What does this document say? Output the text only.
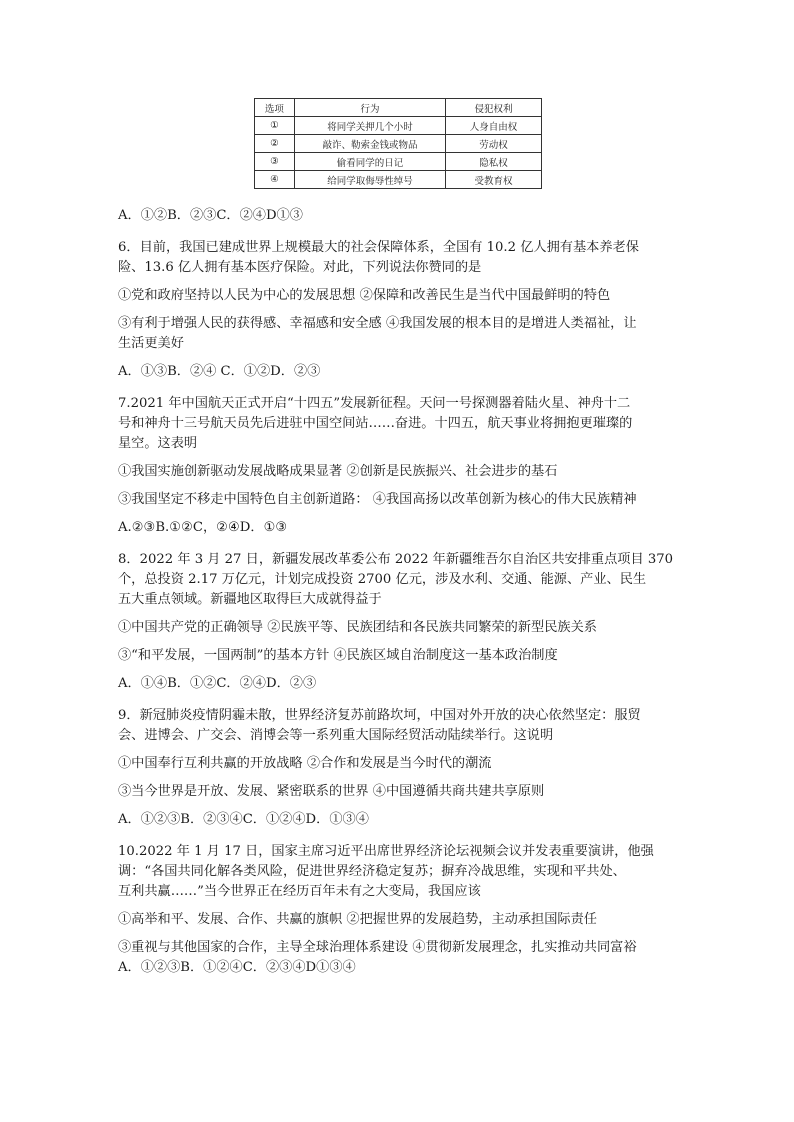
选项	行为	侵犯权利
①	将同学关押几个小时	人身自由权
②	敲诈、勒索金钱或物品	劳动权
③	偷看同学的日记	隐私权
④	给同学取侮辱性绰号	受教育权

A．①②B．②③C．②④D①③

6．目前，我国已建成世界上规模最大的社会保障体系，全国有 10.2 亿人拥有基本养老保

险、13.6 亿人拥有基本医疗保险。对此，下列说法你赞同的是

①党和政府坚持以人民为中心的发展思想 ②保障和改善民生是当代中国最鲜明的特色

③有利于增强人民的获得感、幸福感和安全感 ④我国发展的根本目的是增进人类福祉，让

生活更美好

A．①③B．②④ C．①②D．②③

7.2021 年中国航天正式开启“十四五”发展新征程。天问一号探测器着陆火星、神舟十二

号和神舟十三号航天员先后进驻中国空间站……奋进。十四五，航天事业将拥抱更璀璨的

星空。这表明

①我国实施创新驱动发展战略成果显著 ②创新是民族振兴、社会进步的基石

③我国坚定不移走中国特色自主创新道路： ④我国高扬以改革创新为核心的伟大民族精神

A.②③B.①②C，②④D．①③

8．2022 年 3 月 27 日，新疆发展改革委公布 2022 年新疆维吾尔自治区共安排重点项目 370

个，总投资 2.17 万亿元，计划完成投资 2700 亿元，涉及水利、交通、能源、产业、民生

五大重点领域。新疆地区取得巨大成就得益于

①中国共产党的正确领导 ②民族平等、民族团结和各民族共同繁荣的新型民族关系

③“和平发展，一国两制”的基本方针 ④民族区域自治制度这一基本政治制度

A．①④B．①②C．②④D．②③

9．新冠肺炎疫情阴霾未散，世界经济复苏前路坎坷，中国对外开放的决心依然坚定：服贸

会、进博会、广交会、消博会等一系列重大国际经贸活动陆续举行。这说明

①中国奉行互利共赢的开放战略 ②合作和发展是当今时代的潮流

③当今世界是开放、发展、紧密联系的世界 ④中国遵循共商共建共享原则

A．①②③B．②③④C．①②④D．①③④

10.2022 年 1 月 17 日，国家主席习近平出席世界经济论坛视频会议并发表重要演讲，他强

调：“各国共同化解各类风险，促进世界经济稳定复苏；摒弃冷战思维，实现和平共处、

互利共赢……”当今世界正在经历百年未有之大变局，我国应该

①高举和平、发展、合作、共赢的旗帜 ②把握世界的发展趋势，主动承担国际责任

③重视与其他国家的合作，主导全球治理体系建设 ④贯彻新发展理念，扎实推动共同富裕

A．①②③B．①②④C．②③④D①③④
